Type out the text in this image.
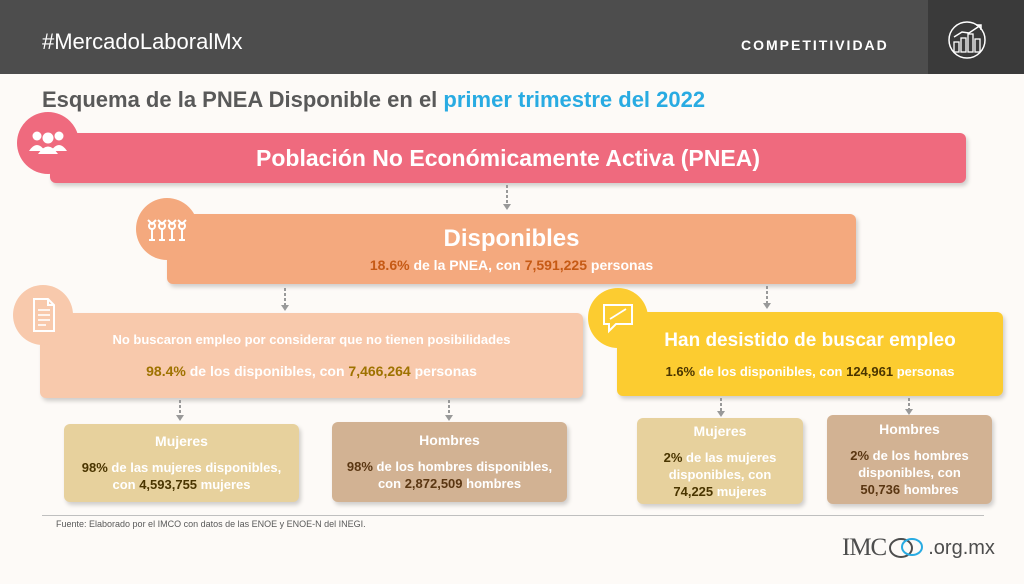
#MercadoLaboralMx	COMPETITIVIDAD
Esquema de la PNEA Disponible en el primer trimestre del 2022
Población No Económicamente Activa (PNEA)
Disponibles
18.6% de la PNEA, con 7,591,225 personas
No buscaron empleo por considerar que no tienen posibilidades
98.4% de los disponibles, con 7,466,264 personas
Han desistido de buscar empleo
1.6% de los disponibles, con 124,961 personas
Mujeres
98% de las mujeres disponibles,
con 4,593,755 mujeres
Hombres
98% de los hombres disponibles,
con 2,872,509 hombres
Mujeres
2% de las mujeres
disponibles, con
74,225 mujeres
Hombres
2% de los hombres
disponibles, con
50,736 hombres
Fuente: Elaborado por el IMCO con datos de las ENOE y ENOE-N del INEGI.
IMC .org.mx
